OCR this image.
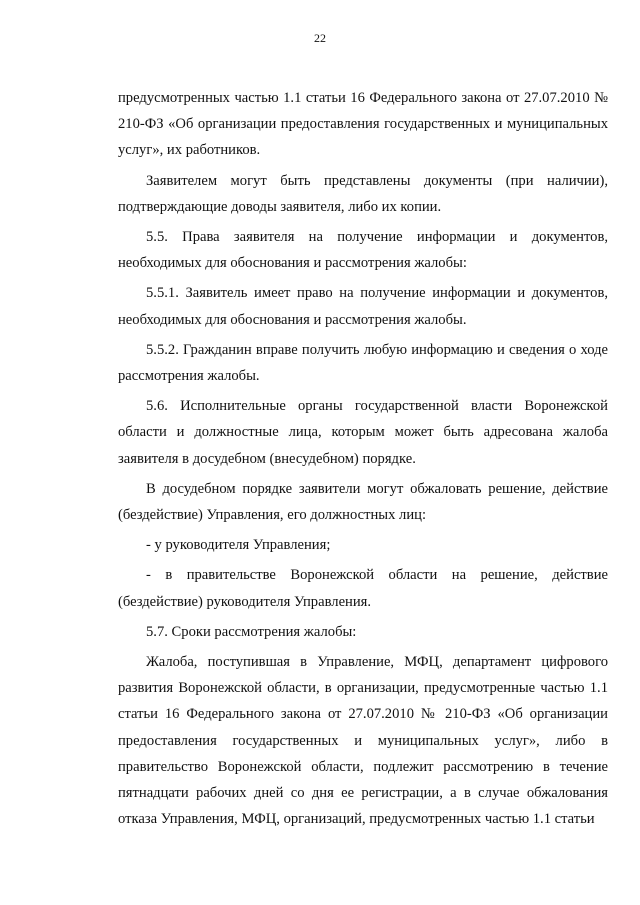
22

предусмотренных частью 1.1 статьи 16 Федерального закона от 27.07.2010 № 210-ФЗ «Об организации предоставления государственных и муниципальных услуг», их работников.

Заявителем могут быть представлены документы (при наличии), подтверждающие доводы заявителя, либо их копии.

5.5. Права заявителя на получение информации и документов, необходимых для обоснования и рассмотрения жалобы:

5.5.1. Заявитель имеет право на получение информации и документов, необходимых для обоснования и рассмотрения жалобы.

5.5.2. Гражданин вправе получить любую информацию и сведения о ходе рассмотрения жалобы.

5.6. Исполнительные органы государственной власти Воронежской области и должностные лица, которым может быть адресована жалоба заявителя в досудебном (внесудебном) порядке.

В досудебном порядке заявители могут обжаловать решение, действие (бездействие) Управления, его должностных лиц:

- у руководителя Управления;

- в правительстве Воронежской области на решение, действие (бездействие) руководителя Управления.

5.7. Сроки рассмотрения жалобы:

Жалоба, поступившая в Управление, МФЦ, департамент цифрового развития Воронежской области, в организации, предусмотренные частью 1.1 статьи 16 Федерального закона от 27.07.2010 № 210-ФЗ «Об организации предоставления государственных и муниципальных услуг», либо в правительство Воронежской области, подлежит рассмотрению в течение пятнадцати рабочих дней со дня ее регистрации, а в случае обжалования отказа Управления, МФЦ, организаций, предусмотренных частью 1.1 статьи
